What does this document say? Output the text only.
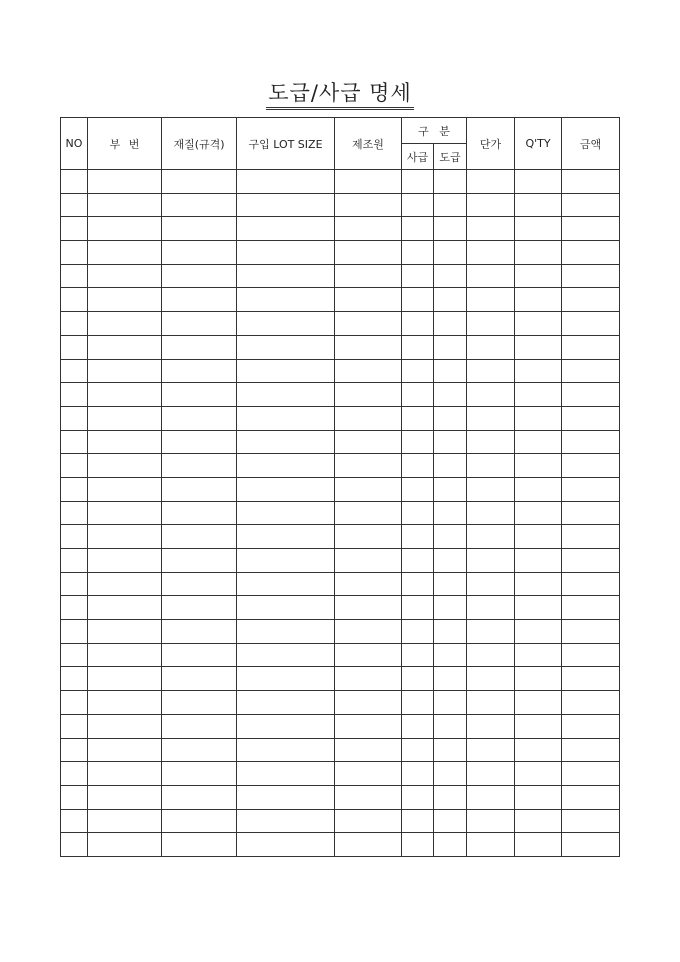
도급/사급 명세
NO	부 번	재질(규격)	구입 LOT SIZE	제조원	구   분		단가	Q'TY	금액
					사급	도급			
